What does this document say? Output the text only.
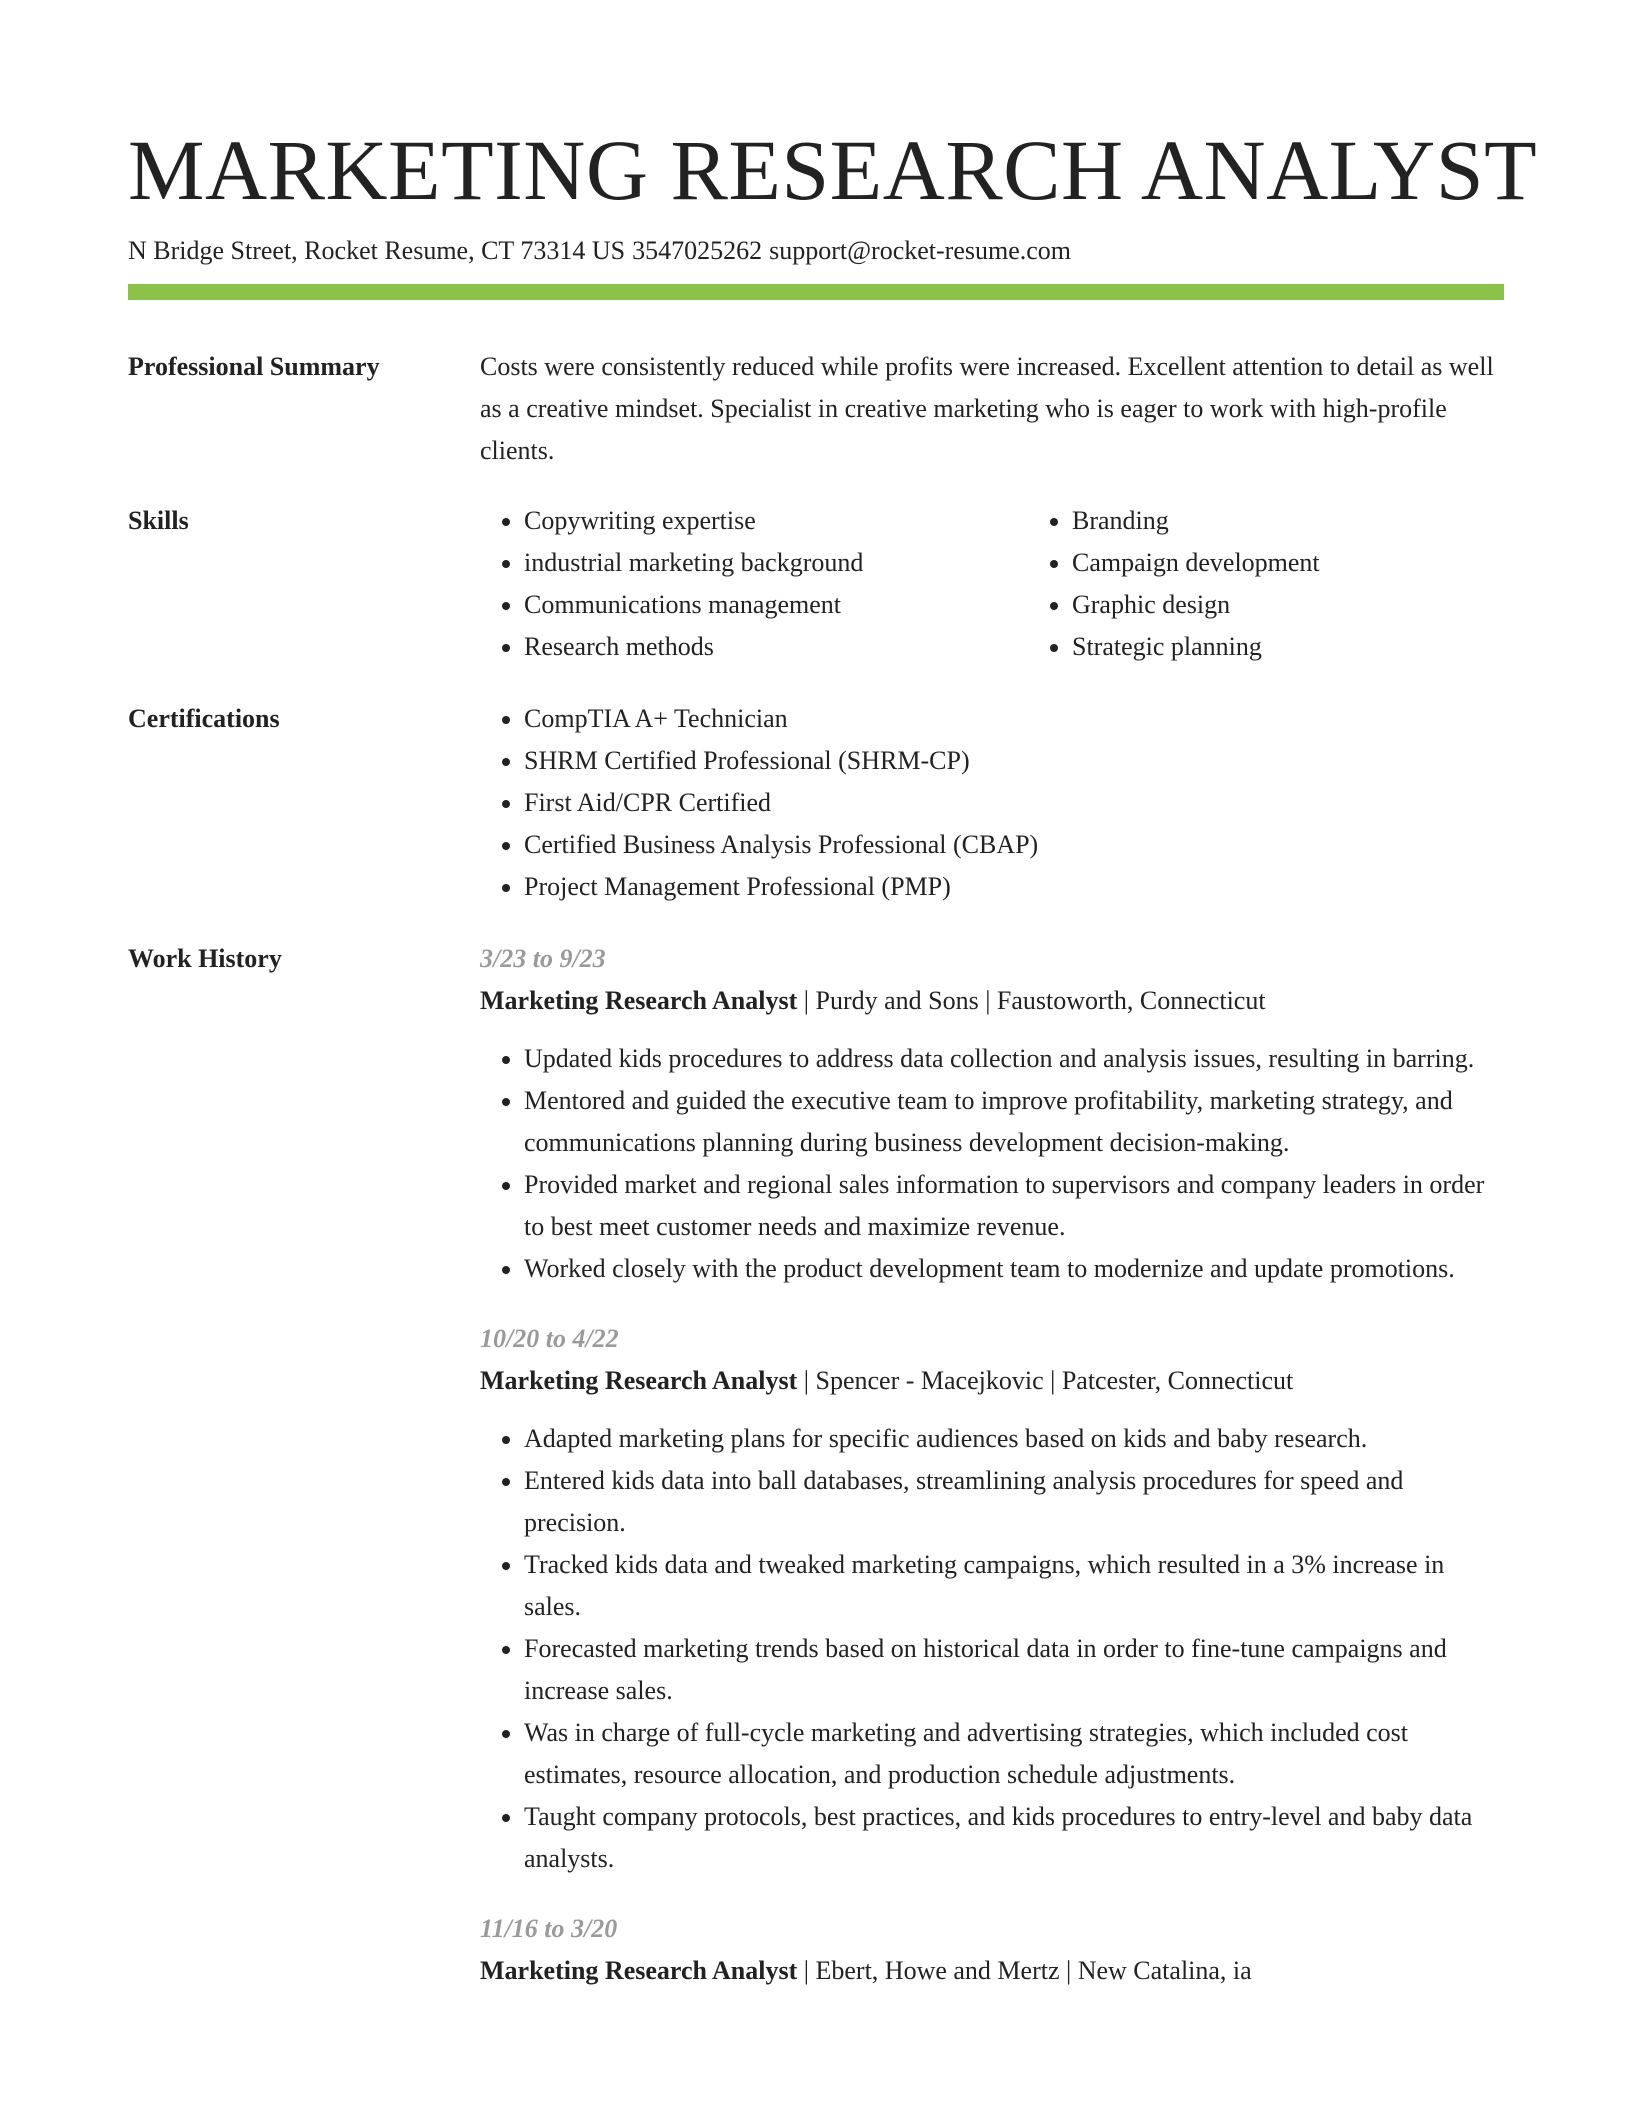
MARKETING RESEARCH ANALYST
N Bridge Street, Rocket Resume, CT 73314 US 3547025262 support@rocket-resume.com
Professional Summary	Costs were consistently reduced while profits were increased. Excellent attention to detail as well as a creative mindset. Specialist in creative marketing who is eager to work with high-profile clients.

Skills	• Copywriting expertise
• industrial marketing background
• Communications management
• Research methods
• Branding
• Campaign development
• Graphic design
• Strategic planning
Certifications	• CompTIA A+ Technician
• SHRM Certified Professional (SHRM-CP)
• First Aid/CPR Certified
• Certified Business Analysis Professional (CBAP)
• Project Management Professional (PMP)
Work History	3/23 to 9/23
Marketing Research Analyst | Purdy and Sons | Faustoworth, Connecticut
• Updated kids procedures to address data collection and analysis issues, resulting in barring.
• Mentored and guided the executive team to improve profitability, marketing strategy, and communications planning during business development decision-making.
• Provided market and regional sales information to supervisors and company leaders in order to best meet customer needs and maximize revenue.
• Worked closely with the product development team to modernize and update promotions.
10/20 to 4/22
Marketing Research Analyst | Spencer - Macejkovic | Patcester, Connecticut
• Adapted marketing plans for specific audiences based on kids and baby research.
• Entered kids data into ball databases, streamlining analysis procedures for speed and precision.
• Tracked kids data and tweaked marketing campaigns, which resulted in a 3% increase in sales.
• Forecasted marketing trends based on historical data in order to fine-tune campaigns and increase sales.
• Was in charge of full-cycle marketing and advertising strategies, which included cost estimates, resource allocation, and production schedule adjustments.
• Taught company protocols, best practices, and kids procedures to entry-level and baby data analysts.
11/16 to 3/20
Marketing Research Analyst | Ebert, Howe and Mertz | New Catalina, ia
